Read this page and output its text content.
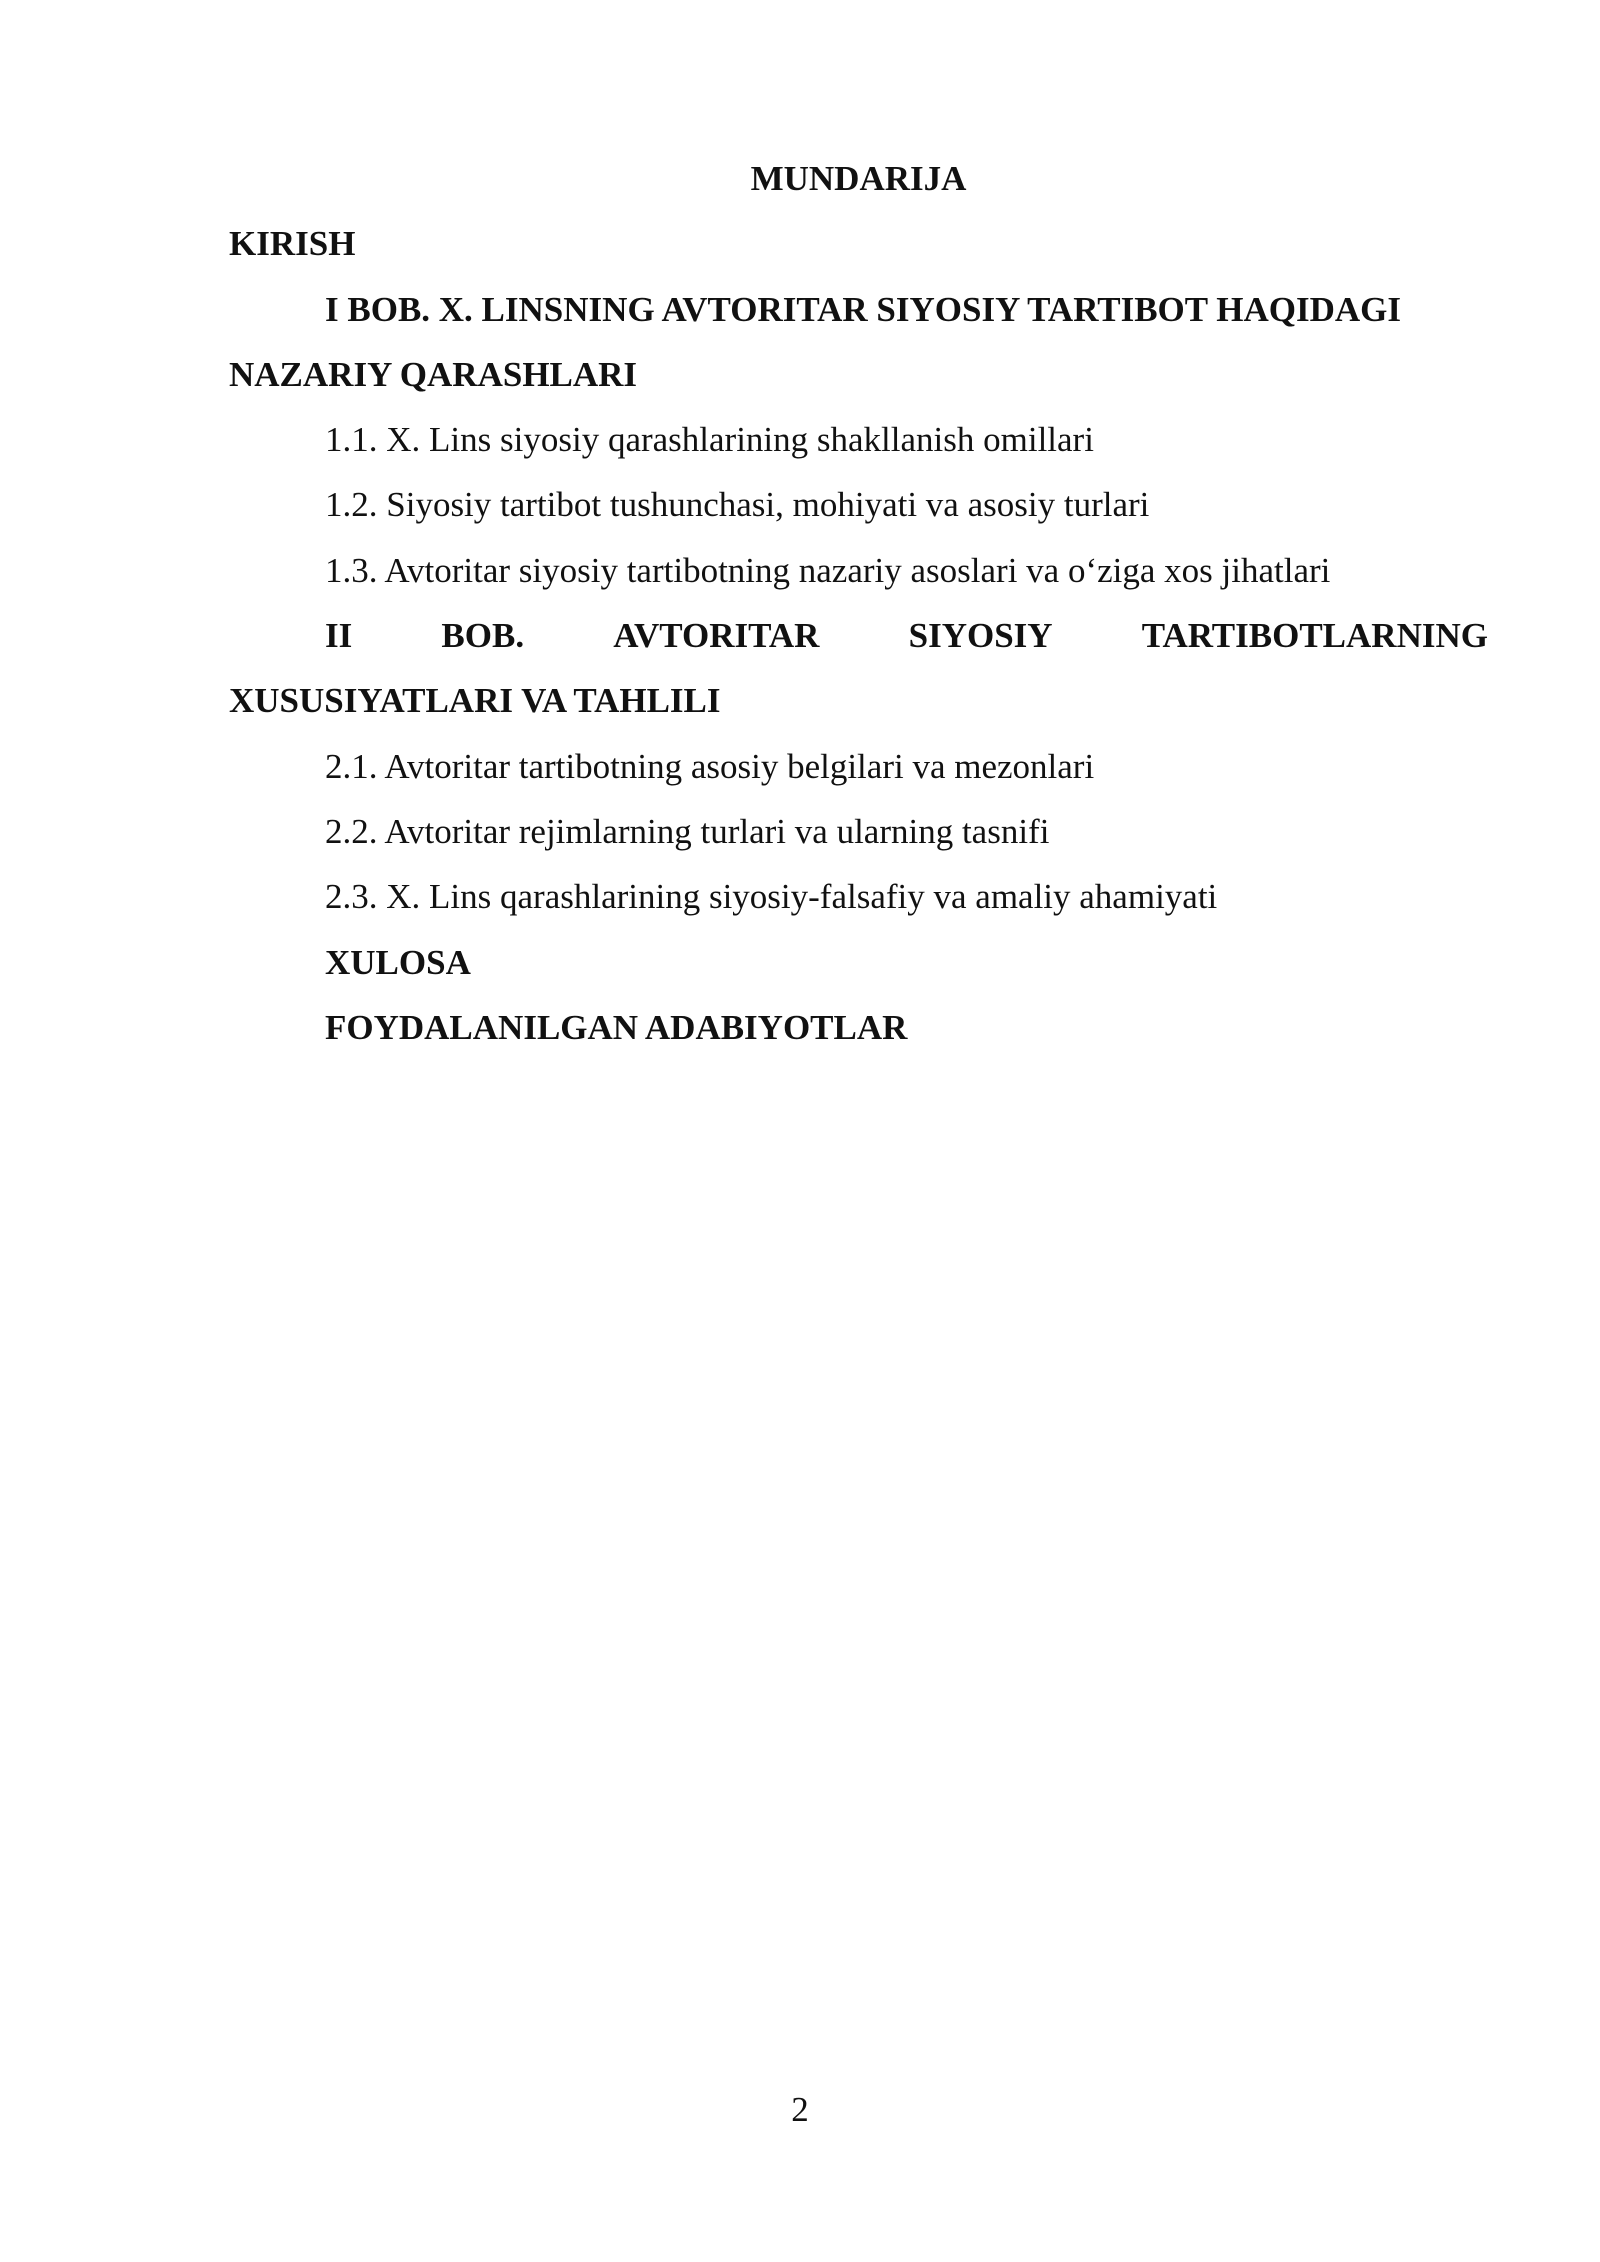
MUNDARIJA
KIRISH
I BOB. X. LINSNING AVTORITAR SIYOSIY TARTIBOT HAQIDAGI
NAZARIY QARASHLARI
1.1. X. Lins siyosiy qarashlarining shakllanish omillari
1.2. Siyosiy tartibot tushunchasi, mohiyati va asosiy turlari
1.3. Avtoritar siyosiy tartibotning nazariy asoslari va o‘ziga xos jihatlari
II	BOB.	AVTORITAR	SIYOSIY	TARTIBOTLARNING
XUSUSIYATLARI VA TAHLILI
2.1. Avtoritar tartibotning asosiy belgilari va mezonlari
2.2. Avtoritar rejimlarning turlari va ularning tasnifi
2.3. X. Lins qarashlarining siyosiy-falsafiy va amaliy ahamiyati
XULOSA
FOYDALANILGAN ADABIYOTLAR
2
